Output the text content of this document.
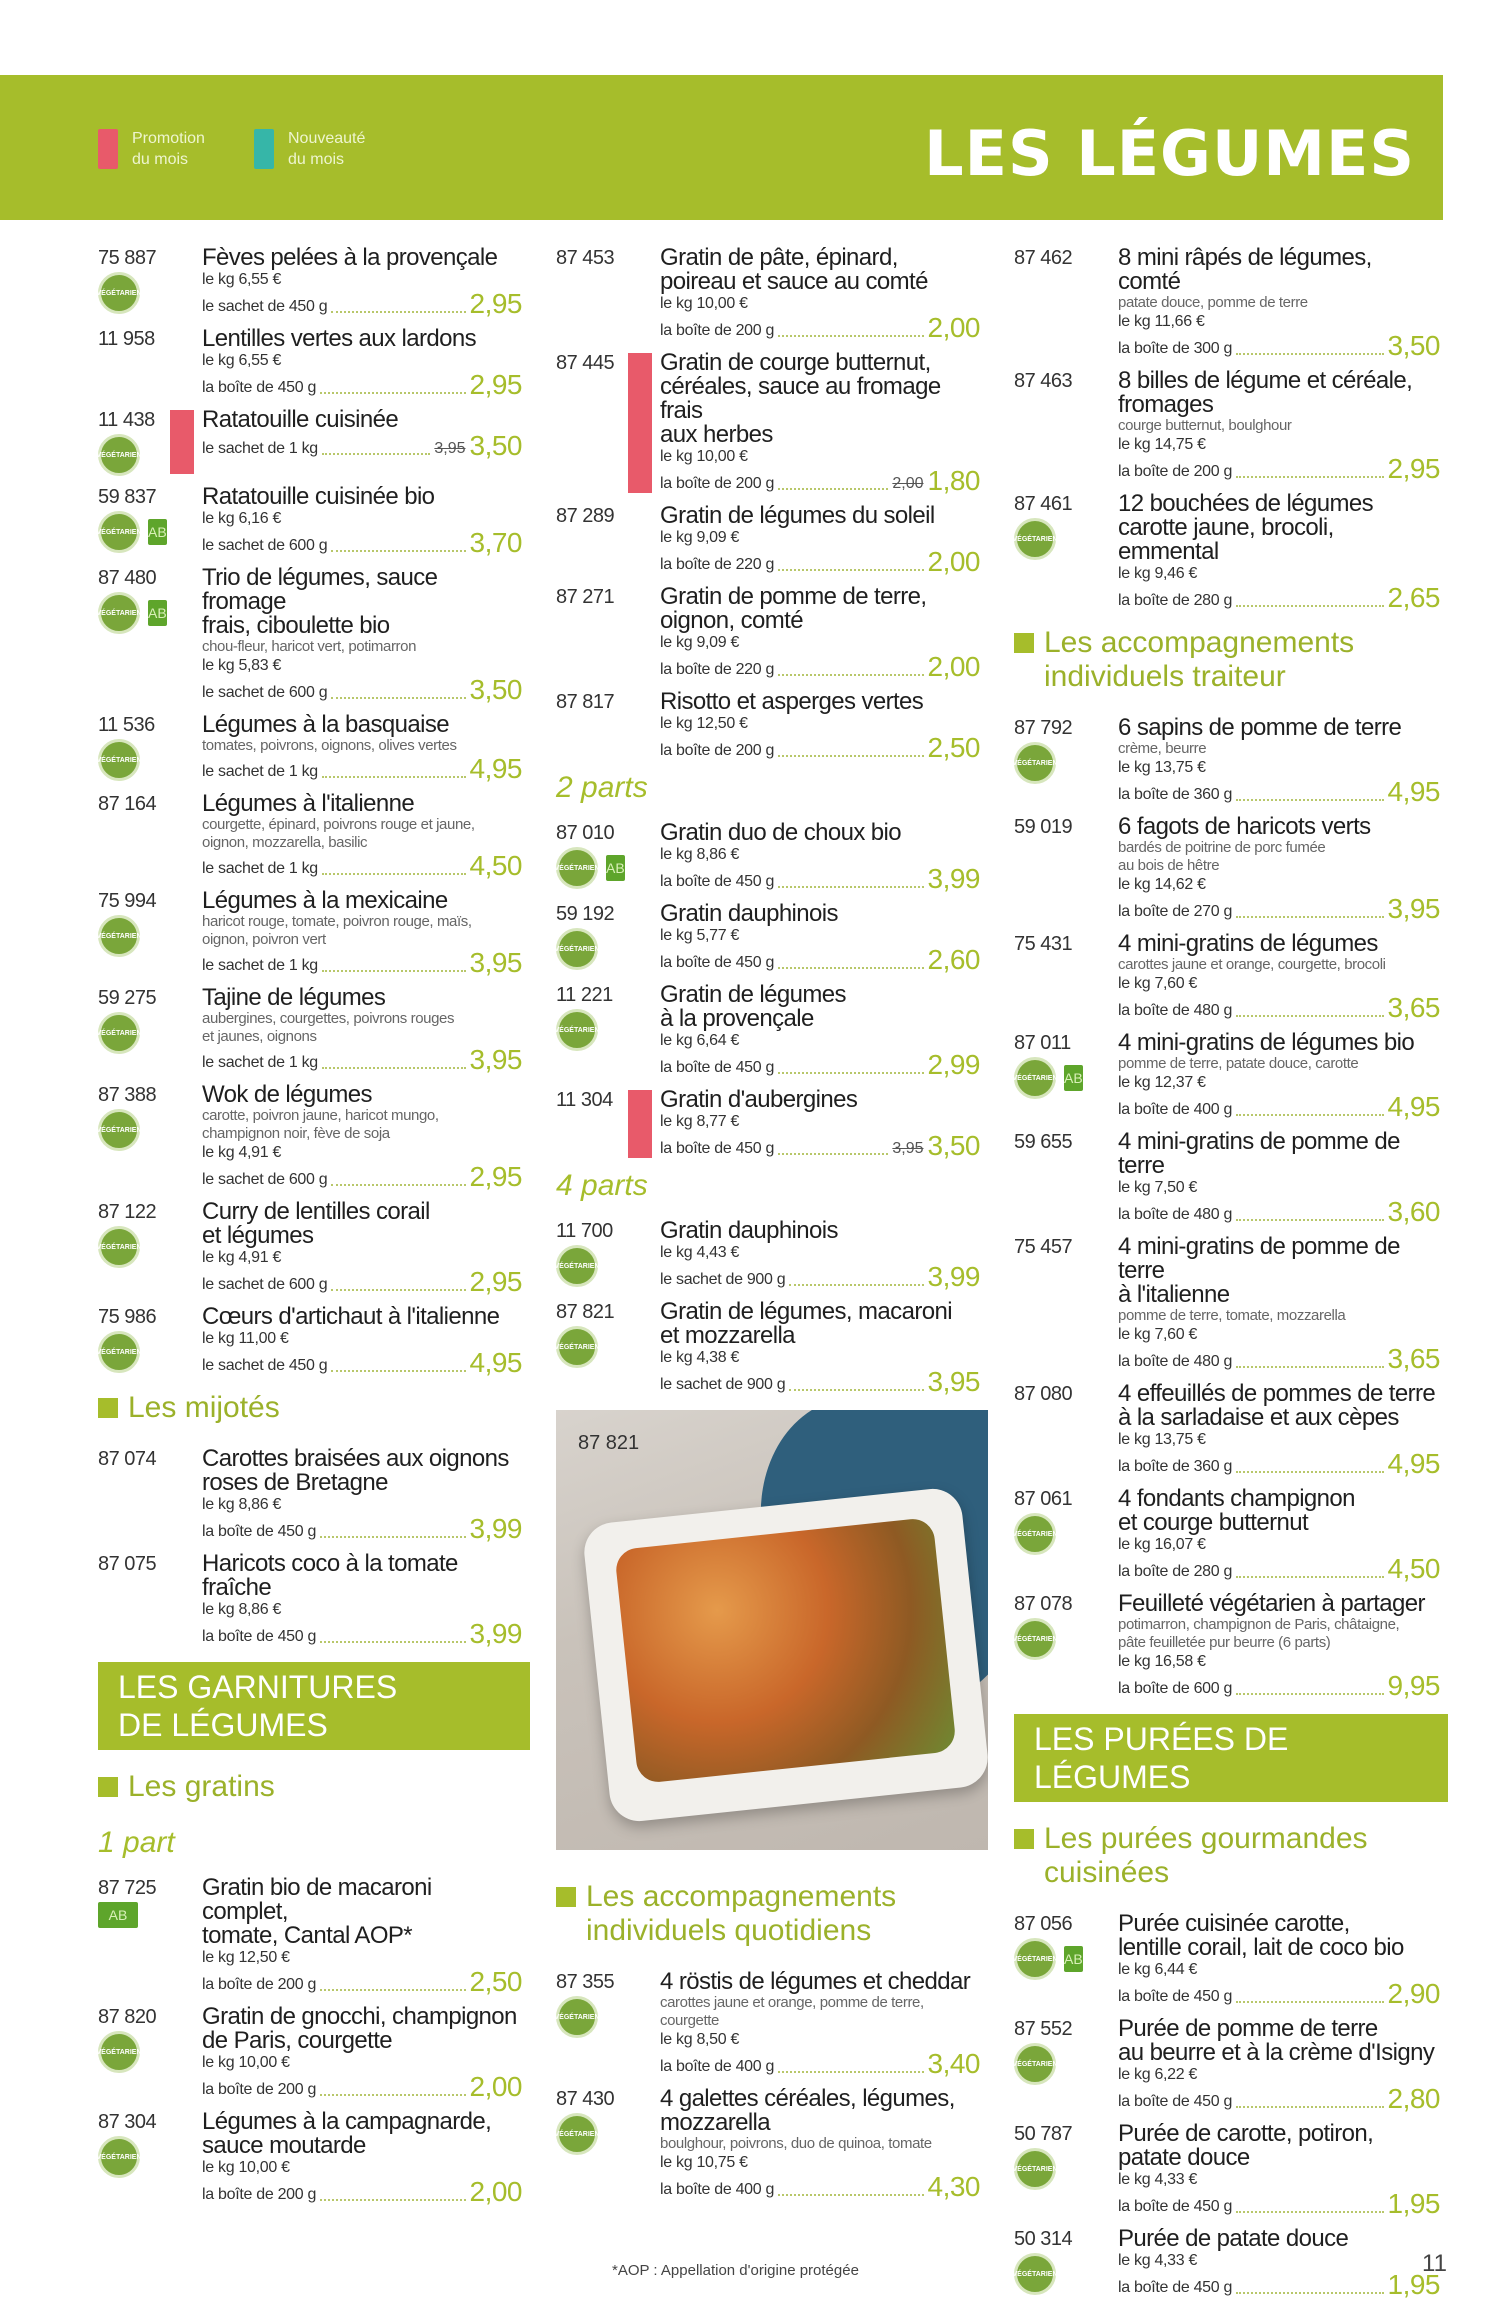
Promotion
du mois
Nouveauté
du mois	LES LÉGUMES
75 887
VÉGÉTARIEN
Fèves pelées à la provençale
le kg 6,55 €
le sachet de 450 g	2,95
11 958 Lentilles vertes aux lardons
le kg 6,55 €
la boîte de 450 g	2,95
11 438
VÉGÉTARIEN
Ratatouille cuisinée
le sachet de 1 kg	3,95 3,50
59 837
VÉGÉTARIEN AB
Ratatouille cuisinée bio
le kg 6,16 €
le sachet de 600 g	3,70
87 480
VÉGÉTARIEN AB
Trio de légumes, sauce fromage
frais, ciboulette bio
chou-fleur, haricot vert, potimarron
le kg 5,83 €
le sachet de 600 g	3,50
11 536
VÉGÉTARIEN
Légumes à la basquaise
tomates, poivrons, oignons, olives vertes
le sachet de 1 kg	4,95
87 164 Légumes à l'italienne
courgette, épinard, poivrons rouge et jaune,
oignon, mozzarella, basilic
le sachet de 1 kg	4,50
75 994
VÉGÉTARIEN
Légumes à la mexicaine
haricot rouge, tomate, poivron rouge, maïs,
oignon, poivron vert
le sachet de 1 kg	3,95
59 275
VÉGÉTARIEN
Tajine de légumes
aubergines, courgettes, poivrons rouges
et jaunes, oignons
le sachet de 1 kg	3,95
87 388
VÉGÉTARIEN
Wok de légumes
carotte, poivron jaune, haricot mungo,
champignon noir, fève de soja
le kg 4,91 €
le sachet de 600 g	2,95
87 122
VÉGÉTARIEN
Curry de lentilles corail
et légumes
le kg 4,91 €
le sachet de 600 g	2,95
75 986
VÉGÉTARIEN
Cœurs d'artichaut à l'italienne
le kg 11,00 €
le sachet de 450 g	4,95
Les mijotés
87 074 Carottes braisées aux oignons
roses de Bretagne
le kg 8,86 €
la boîte de 450 g	3,99
87 075 Haricots coco à la tomate fraîche
le kg 8,86 €
la boîte de 450 g	3,99
LES GARNITURES
DE LÉGUMES
Les gratins
1 part
87 725
AB
Gratin bio de macaroni complet,
tomate, Cantal AOP*
le kg 12,50 €
la boîte de 200 g	2,50
87 820
VÉGÉTARIEN
Gratin de gnocchi, champignon
de Paris, courgette
le kg 10,00 €
la boîte de 200 g	2,00
87 304
VÉGÉTARIEN
Légumes à la campagnarde,
sauce moutarde
le kg 10,00 €
la boîte de 200 g	2,00
87 453 Gratin de pâte, épinard,
poireau et sauce au comté
le kg 10,00 €
la boîte de 200 g	2,00
87 445 Gratin de courge butternut,
céréales, sauce au fromage frais
aux herbes
le kg 10,00 €
la boîte de 200 g	2,00 1,80
87 289 Gratin de légumes du soleil
le kg 9,09 €
la boîte de 220 g	2,00
87 271 Gratin de pomme de terre,
oignon, comté
le kg 9,09 €
la boîte de 220 g	2,00
87 817 Risotto et asperges vertes
le kg 12,50 €
la boîte de 200 g	2,50
2 parts
87 010
VÉGÉTARIEN AB
Gratin duo de choux bio
le kg 8,86 €
la boîte de 450 g	3,99
59 192
VÉGÉTARIEN
Gratin dauphinois
le kg 5,77 €
la boîte de 450 g	2,60
11 221
VÉGÉTARIEN
Gratin de légumes
à la provençale
le kg 6,64 €
la boîte de 450 g	2,99
11 304 Gratin d'aubergines
le kg 8,77 €
la boîte de 450 g	3,95 3,50
4 parts
11 700
VÉGÉTARIEN
Gratin dauphinois
le kg 4,43 €
le sachet de 900 g	3,99
87 821
VÉGÉTARIEN
Gratin de légumes, macaroni
et mozzarella
le kg 4,38 €
le sachet de 900 g	3,95
87 821
Les accompagnements
individuels quotidiens
87 355
VÉGÉTARIEN
4 röstis de légumes et cheddar
carottes jaune et orange, pomme de terre,
courgette
le kg 8,50 €
la boîte de 400 g	3,40
87 430
VÉGÉTARIEN
4 galettes céréales, légumes,
mozzarella
boulghour, poivrons, duo de quinoa, tomate
le kg 10,75 €
la boîte de 400 g	4,30
87 462 8 mini râpés de légumes, comté
patate douce, pomme de terre
le kg 11,66 €
la boîte de 300 g	3,50
87 463 8 billes de légume et céréale,
fromages
courge butternut, boulghour
le kg 14,75 €
la boîte de 200 g	2,95
87 461
VÉGÉTARIEN
12 bouchées de légumes
carotte jaune, brocoli, emmental
le kg 9,46 €
la boîte de 280 g	2,65
Les accompagnements
individuels traiteur
87 792
VÉGÉTARIEN
6 sapins de pomme de terre
crème, beurre
le kg 13,75 €
la boîte de 360 g	4,95
59 019 6 fagots de haricots verts
bardés de poitrine de porc fumée
au bois de hêtre
le kg 14,62 €
la boîte de 270 g	3,95
75 431 4 mini-gratins de légumes
carottes jaune et orange, courgette, brocoli
le kg 7,60 €
la boîte de 480 g	3,65
87 011
VÉGÉTARIEN AB
4 mini-gratins de légumes bio
pomme de terre, patate douce, carotte
le kg 12,37 €
la boîte de 400 g	4,95
59 655 4 mini-gratins de pomme de terre
le kg 7,50 €
la boîte de 480 g	3,60
75 457 4 mini-gratins de pomme de terre
à l'italienne
pomme de terre, tomate, mozzarella
le kg 7,60 €
la boîte de 480 g	3,65
87 080 4 effeuillés de pommes de terre
à la sarladaise et aux cèpes
le kg 13,75 €
la boîte de 360 g	4,95
87 061
VÉGÉTARIEN
4 fondants champignon
et courge butternut
le kg 16,07 €
la boîte de 280 g	4,50
87 078
VÉGÉTARIEN
Feuilleté végétarien à partager
potimarron, champignon de Paris, châtaigne,
pâte feuilletée pur beurre (6 parts)
le kg 16,58 €
la boîte de 600 g	9,95
LES PURÉES DE LÉGUMES
Les purées gourmandes
cuisinées
87 056
VÉGÉTARIEN AB
Purée cuisinée carotte,
lentille corail, lait de coco bio
le kg 6,44 €
la boîte de 450 g	2,90
87 552
VÉGÉTARIEN
Purée de pomme de terre
au beurre et à la crème d'Isigny
le kg 6,22 €
la boîte de 450 g	2,80
50 787
VÉGÉTARIEN
Purée de carotte, potiron,
patate douce
le kg 4,33 €
la boîte de 450 g	1,95
50 314
VÉGÉTARIEN
Purée de patate douce
le kg 4,33 €
la boîte de 450 g	1,95
*AOP : Appellation d'origine protégée	11
